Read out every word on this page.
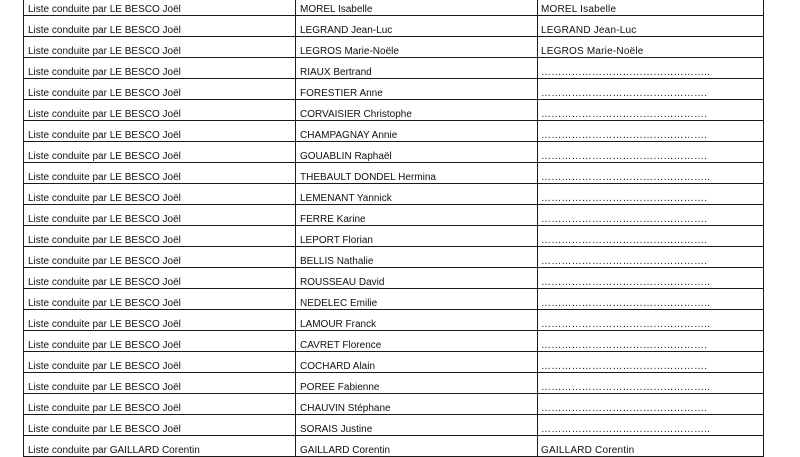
Liste conduite par LE BESCO Joël	MOREL Isabelle	MOREL Isabelle
Liste conduite par LE BESCO Joël	LEGRAND Jean-Luc	LEGRAND Jean-Luc
Liste conduite par LE BESCO Joël	LEGROS Marie-Noële	LEGROS Marie-Noële
Liste conduite par LE BESCO Joël	RIAUX Bertrand	…………………………………………..
Liste conduite par LE BESCO Joël	FORESTIER Anne	………………………………………….
Liste conduite par LE BESCO Joël	CORVAISIER Christophe	………………………………………….
Liste conduite par LE BESCO Joël	CHAMPAGNAY Annie	………………………………………….
Liste conduite par LE BESCO Joël	GOUABLIN Raphaël	………………………………………….
Liste conduite par LE BESCO Joël	THEBAULT DONDEL Hermina	…………………………………………..
Liste conduite par LE BESCO Joël	LEMENANT Yannick	………………………………………….
Liste conduite par LE BESCO Joël	FERRE Karine	………………………………………….
Liste conduite par LE BESCO Joël	LEPORT Florian	………………………………………….
Liste conduite par LE BESCO Joël	BELLIS Nathalie	………………………………………….
Liste conduite par LE BESCO Joël	ROUSSEAU David	…………………………………………..
Liste conduite par LE BESCO Joël	NEDELEC Emilie	…………………………………………..
Liste conduite par LE BESCO Joël	LAMOUR Franck	…………………………………………..
Liste conduite par LE BESCO Joël	CAVRET Florence	………………………………………….
Liste conduite par LE BESCO Joël	COCHARD Alain	………………………………………….
Liste conduite par LE BESCO Joël	POREE Fabienne	…………………………………………..
Liste conduite par LE BESCO Joël	CHAUVIN Stéphane	………………………………………….
Liste conduite par LE BESCO Joël	SORAIS Justine	…………………………………………..
Liste conduite par GAILLARD Corentin	GAILLARD Corentin	GAILLARD Corentin
